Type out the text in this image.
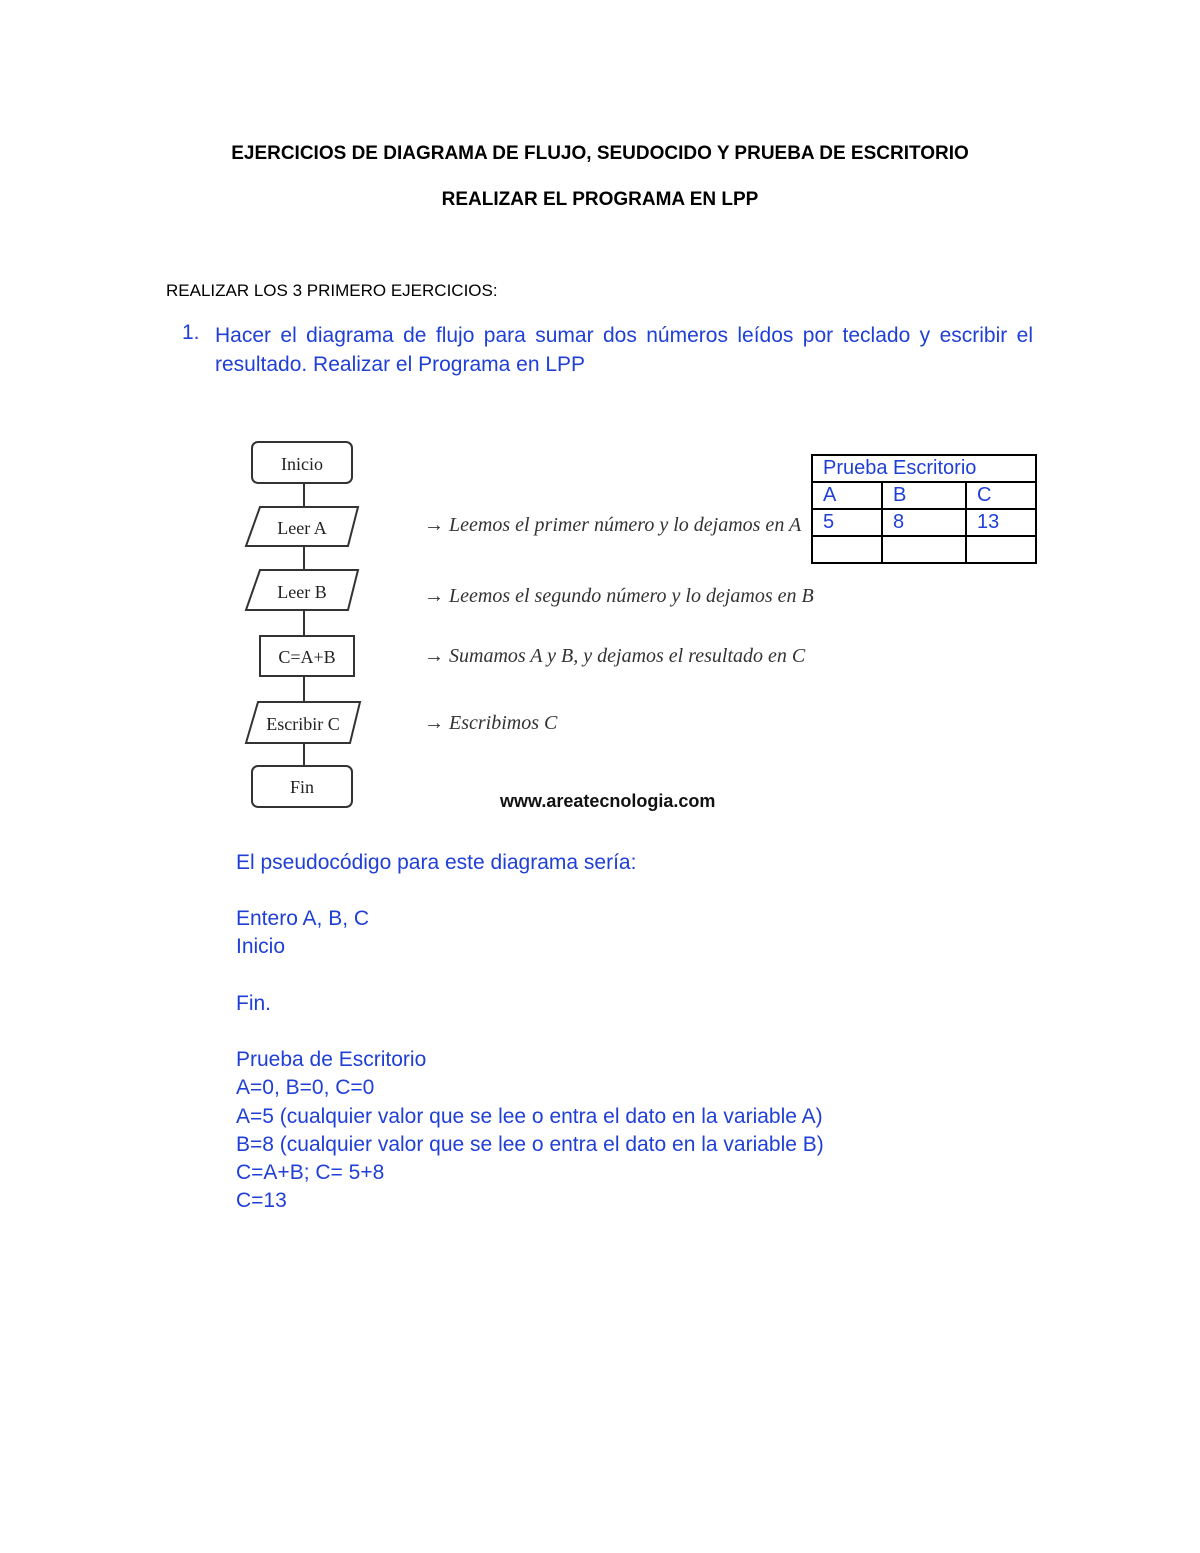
EJERCICIOS DE DIAGRAMA DE FLUJO, SEUDOCIDO Y PRUEBA DE ESCRITORIO
REALIZAR EL PROGRAMA EN LPP
REALIZAR LOS 3 PRIMERO EJERCICIOS:
1. Hacer el diagrama de flujo para sumar dos números leídos por teclado y escribir el resultado. Realizar el Programa en LPP
Inicio
Leer A
Leer B
C=A+B
Escribir C
Fin
→ Leemos el primer número y lo dejamos en A
→ Leemos el segundo número y lo dejamos en B
→ Sumamos A y B, y dejamos el resultado en C
→ Escribimos C
www.areatecnologia.com
Prueba Escritorio		
A	B	C
5	8	13

El pseudocódigo para este diagrama sería:
Entero A, B, C
Inicio
Fin.
Prueba de Escritorio
A=0, B=0, C=0
A=5 (cualquier valor que se lee o entra el dato en la variable A)
B=8 (cualquier valor que se lee o entra el dato en la variable B)
C=A+B; C= 5+8
C=13
